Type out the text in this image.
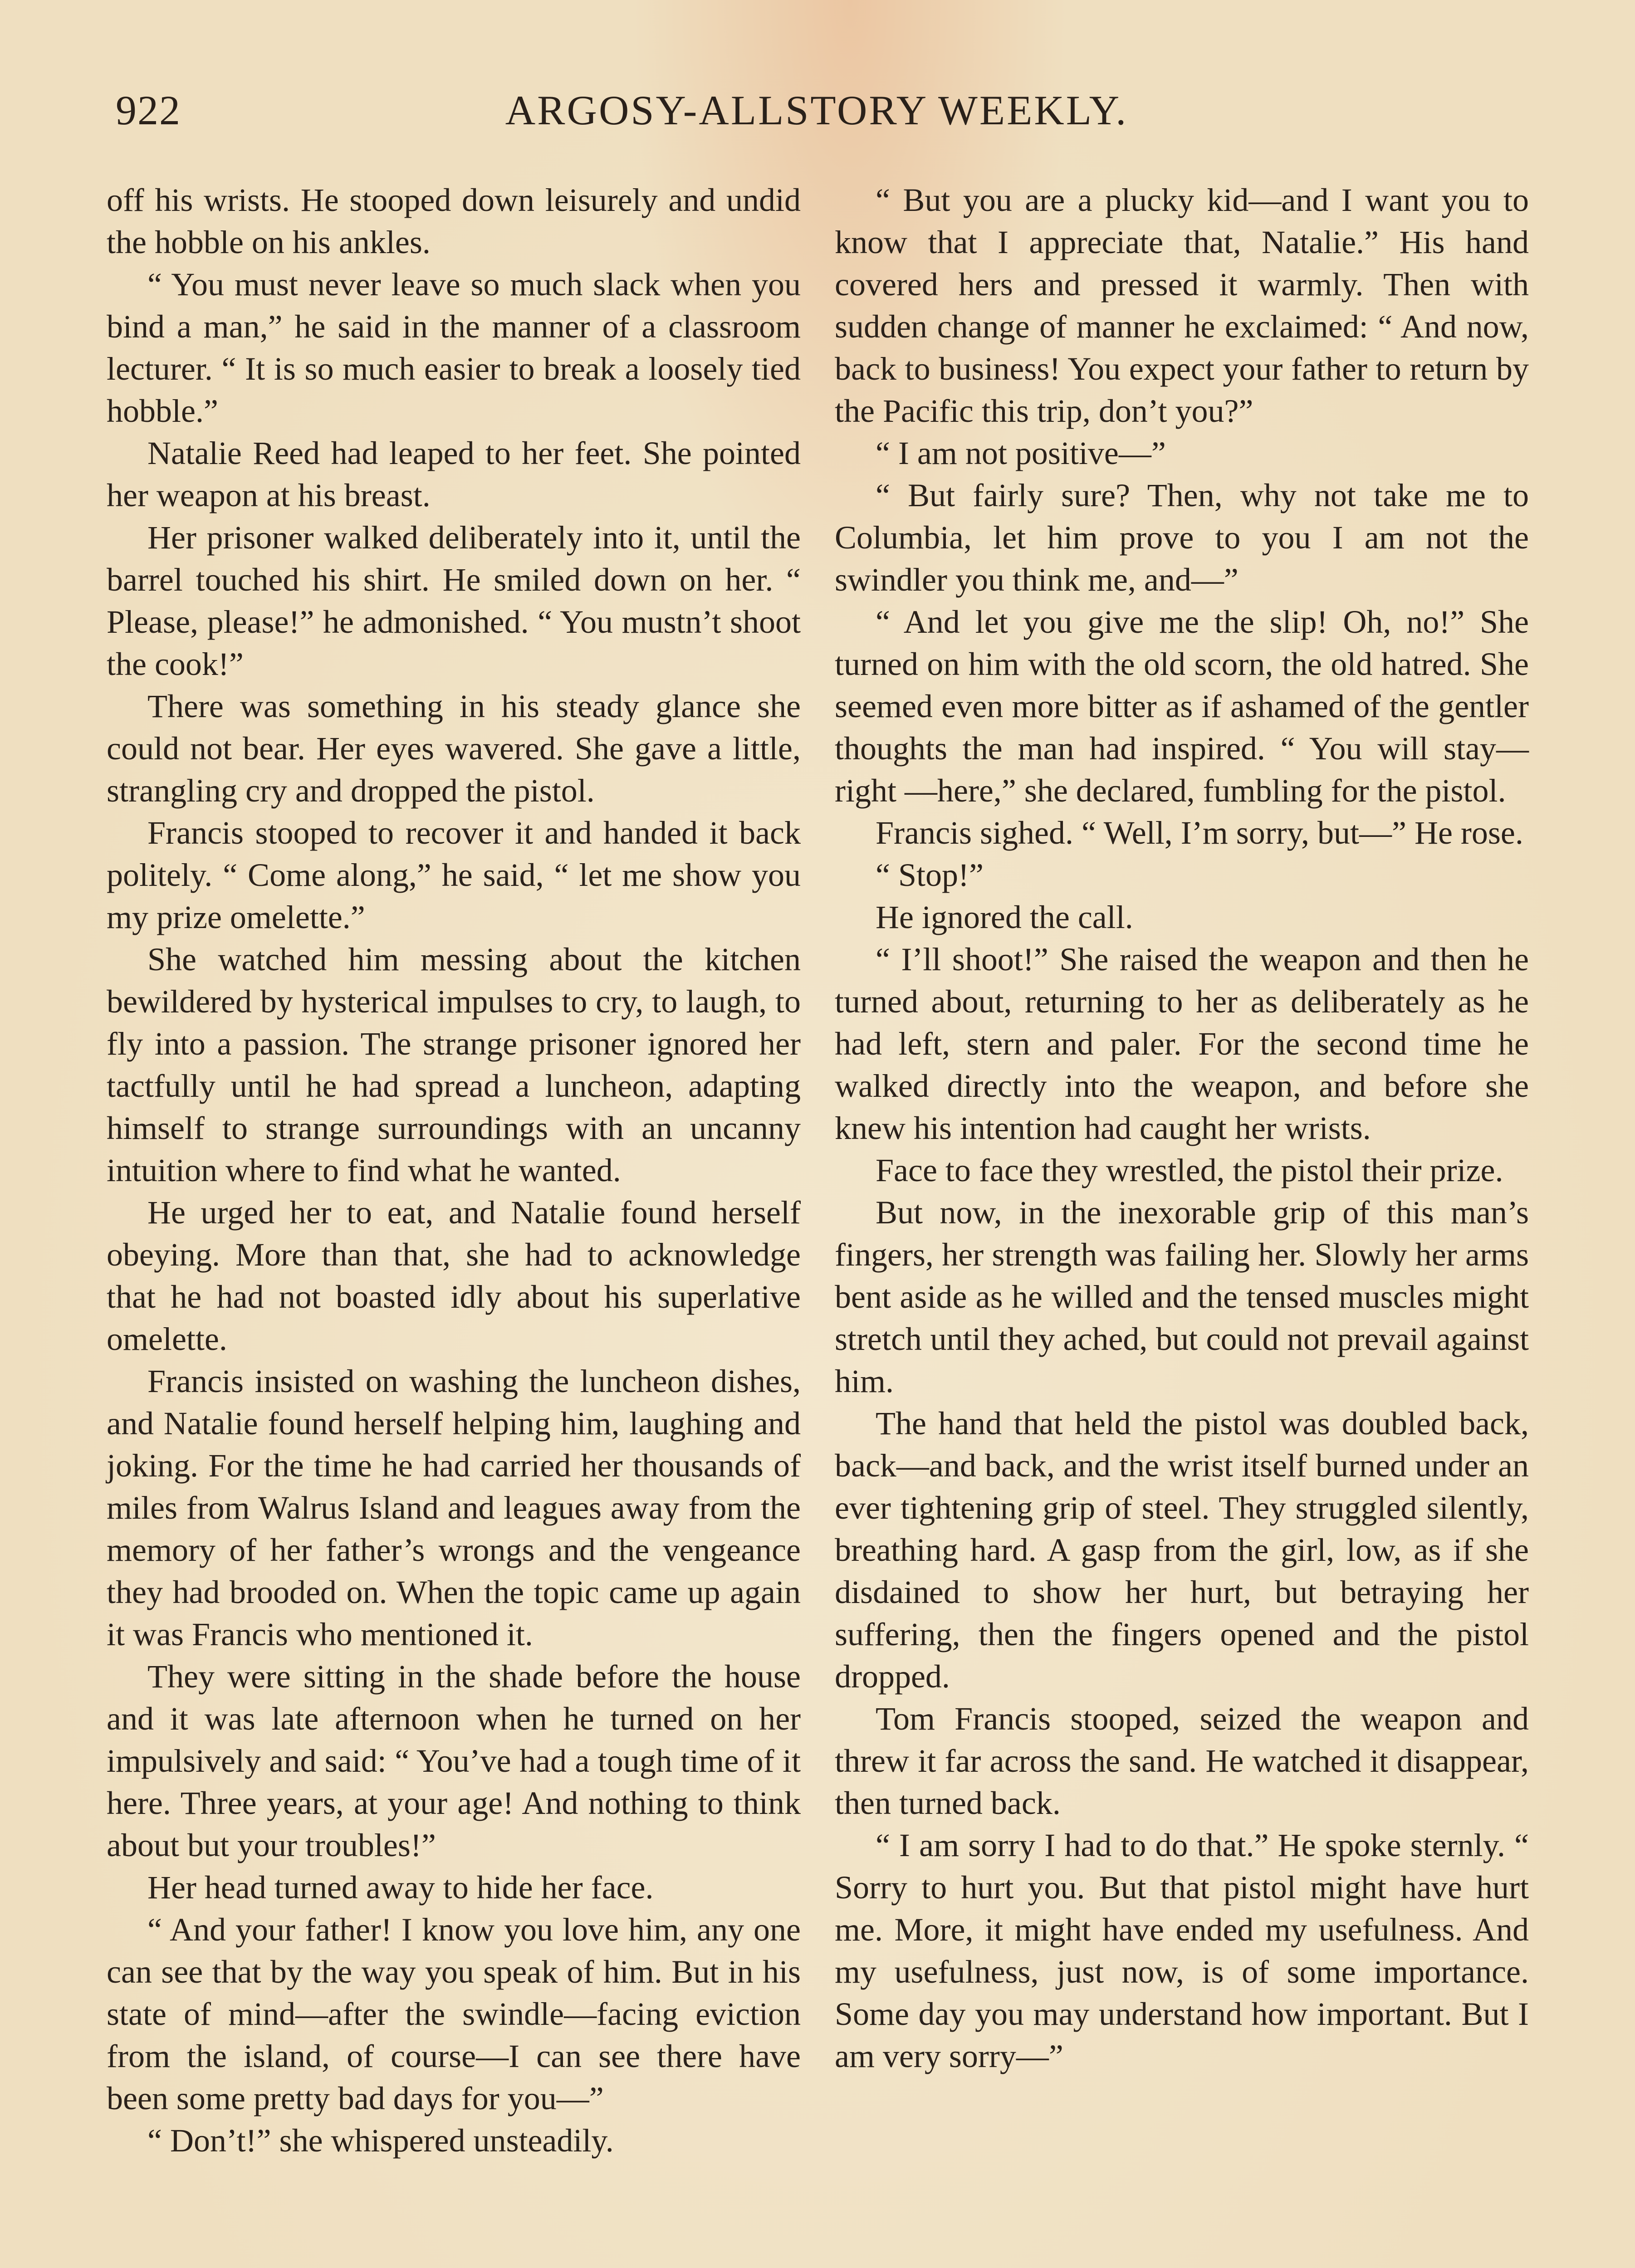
922	ARGOSY-ALLSTORY WEEKLY.

off his wrists. He stooped down leisurely and undid the hobble on his ankles.

“ You must never leave so much slack when you bind a man,” he said in the manner of a classroom lecturer. “ It is so much easier to break a loosely tied hobble.”

Natalie Reed had leaped to her feet. She pointed her weapon at his breast.

Her prisoner walked deliberately into it, until the barrel touched his shirt. He smiled down on her. “ Please, please!” he admonished. “ You mustn’t shoot the cook!”

There was something in his steady glance she could not bear. Her eyes wavered. She gave a little, strangling cry and dropped the pistol.

Francis stooped to recover it and handed it back politely. “ Come along,” he said, “ let me show you my prize omelette.”

She watched him messing about the kitchen bewildered by hysterical impulses to cry, to laugh, to fly into a passion. The strange prisoner ignored her tactfully until he had spread a luncheon, adapting himself to strange surroundings with an uncanny intuition where to find what he wanted.

He urged her to eat, and Natalie found herself obeying. More than that, she had to acknowledge that he had not boasted idly about his superlative omelette.

Francis insisted on washing the luncheon dishes, and Natalie found herself helping him, laughing and joking. For the time he had carried her thousands of miles from Walrus Island and leagues away from the memory of her father’s wrongs and the vengeance they had brooded on. When the topic came up again it was Francis who mentioned it.

They were sitting in the shade before the house and it was late afternoon when he turned on her impulsively and said: “ You’ve had a tough time of it here. Three years, at your age! And nothing to think about but your troubles!”

Her head turned away to hide her face.

“ And your father! I know you love him, any one can see that by the way you speak of him. But in his state of mind—after the swindle—facing eviction from the island, of course—I can see there have been some pretty bad days for you—”

“ Don’t!” she whispered unsteadily.

“ But you are a plucky kid—and I want you to know that I appreciate that, Natalie.” His hand covered hers and pressed it warmly. Then with sudden change of manner he exclaimed: “ And now, back to business! You expect your father to return by the Pacific this trip, don’t you?”

“ I am not positive—”

“ But fairly sure? Then, why not take me to Columbia, let him prove to you I am not the swindler you think me, and—”

“ And let you give me the slip! Oh, no!” She turned on him with the old scorn, the old hatred. She seemed even more bitter as if ashamed of the gentler thoughts the man had inspired. “ You will stay—right —here,” she declared, fumbling for the pistol.

Francis sighed. “ Well, I’m sorry, but—” He rose.

“ Stop!”

He ignored the call.

“ I’ll shoot!” She raised the weapon and then he turned about, returning to her as deliberately as he had left, stern and paler. For the second time he walked directly into the weapon, and before she knew his intention had caught her wrists.

Face to face they wrestled, the pistol their prize.

But now, in the inexorable grip of this man’s fingers, her strength was failing her. Slowly her arms bent aside as he willed and the tensed muscles might stretch until they ached, but could not prevail against him.

The hand that held the pistol was doubled back, back—and back, and the wrist itself burned under an ever tightening grip of steel. They struggled silently, breathing hard. A gasp from the girl, low, as if she disdained to show her hurt, but betraying her suffering, then the fingers opened and the pistol dropped.

Tom Francis stooped, seized the weapon and threw it far across the sand. He watched it disappear, then turned back.

“ I am sorry I had to do that.” He spoke sternly. “ Sorry to hurt you. But that pistol might have hurt me. More, it might have ended my usefulness. And my usefulness, just now, is of some importance. Some day you may understand how important. But I am very sorry—”
